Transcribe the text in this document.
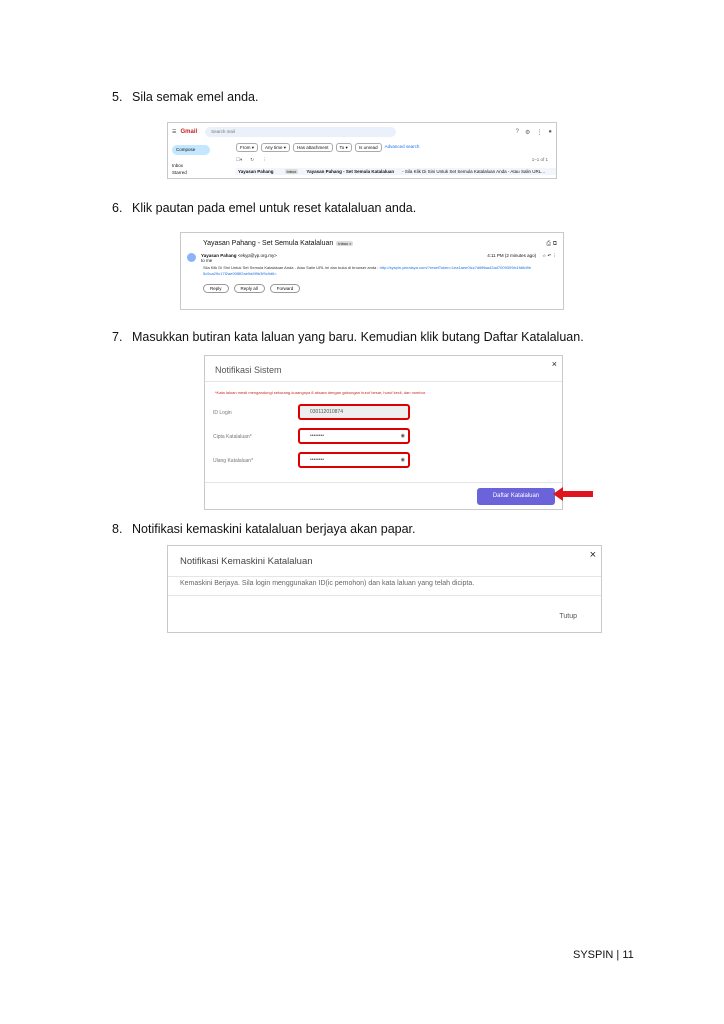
5. Sila semak emel anda.
☰ Gmail	Search mail	? ⚙ ⋮ ●
Compose
Inbox
Starred
From ▾	Any time ▾	Has attachment	To ▾	Is unread	Advanced search
☐▾ ↻ ⋮	1–1 of 1
Yayasan Pahang	Inbox	Yayasan Pahang - Set Semula Katalaluan - Sila Klik Di Sini Untuk Set Semula Katalaluan Anda - Atau Salin URL...
6. Klik pautan pada emel untuk reset katalaluan anda.
Yayasan Pahang - Set Semula Katalaluan Inbox ×	⎙ ⧉
Yayasan Pahang <ekyp@yp.org.my>
to me
4:11 PM (2 minutes ago) ☆ ↶ ⋮
Sila Klik Di Sini Untuk Set Semula Katalaluan Anda - Atau Salin URL ini dan buka di browser anda : http://syspin.yinraisya.com/?resetToken=1ea1aee0fcc7d6fffaa42ad7009309fc1fd8d9e5c5ca29c17f2ae90f8f2ae9a5f9b3f9c9d6=
Reply	Reply all	Forward
7. Masukkan butiran kata laluan yang baru. Kemudian klik butang Daftar Katalaluan.
Notifikasi Sistem
×
*Kata laluan mesti mengandungi sekurang-kurangnya 8 aksara dengan gabungan huruf besar, huruf kecil, dan nombor.
ID Login	030112010874
Cipta Katalaluan*	••••••••	◉
Ulang Katalaluan*	••••••••	◉
Daftar Katalaluan
8. Notifikasi kemaskini katalaluan berjaya akan papar.
Notifikasi Kemaskini Katalaluan
×
Kemaskini Berjaya. Sila login menggunakan ID(ic pemohon) dan kata laluan yang telah dicipta.
Tutup
SYSPIN | 11
